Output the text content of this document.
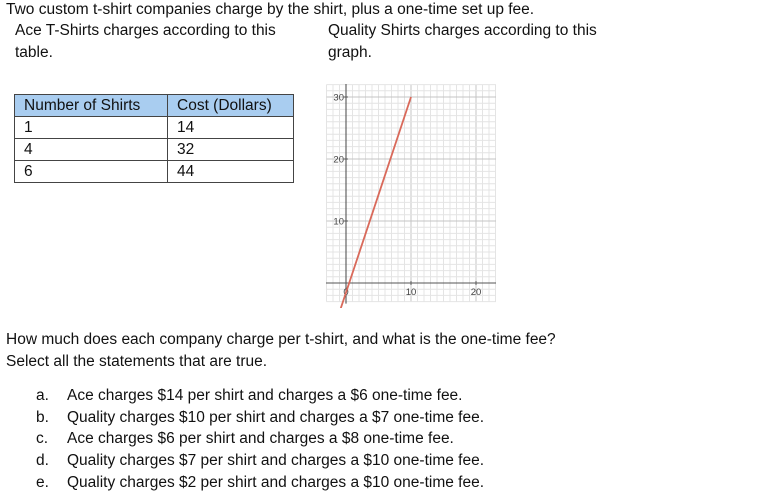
Two custom t-shirt companies charge by the shirt, plus a one-time set up fee.
Ace T-Shirts charges according to this
table.
Quality Shirts charges according to this
graph.
Number of Shirts	Cost (Dollars)
1	14
4	32
6	44
0	10	20
10
20
30
How much does each company charge per t-shirt, and what is the one-time fee?
Select all the statements that are true.
a. Ace charges $14 per shirt and charges a $6 one-time fee.
b. Quality charges $10 per shirt and charges a $7 one-time fee.
c. Ace charges $6 per shirt and charges a $8 one-time fee.
d. Quality charges $7 per shirt and charges a $10 one-time fee.
e. Quality charges $2 per shirt and charges a $10 one-time fee.
